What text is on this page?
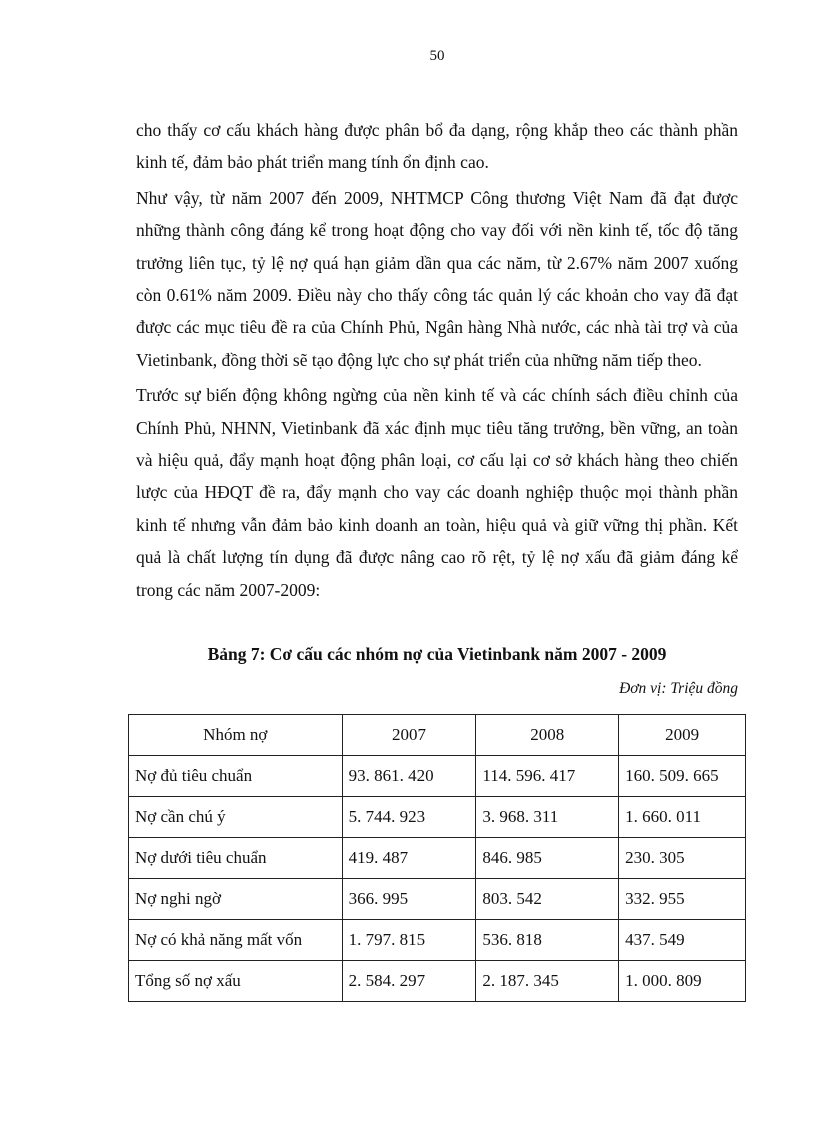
50

cho thấy cơ cấu khách hàng được phân bổ đa dạng, rộng khắp theo các thành phần kinh tế, đảm bảo phát triển mang tính ổn định cao.

Như vậy, từ năm 2007 đến 2009, NHTMCP Công thương Việt Nam đã đạt được những thành công đáng kể trong hoạt động cho vay đối với nền kinh tế, tốc độ tăng trưởng liên tục, tỷ lệ nợ quá hạn giảm dần qua các năm, từ 2.67% năm 2007 xuống còn 0.61% năm 2009. Điều này cho thấy công tác quản lý các khoản cho vay đã đạt được các mục tiêu đề ra của Chính Phủ, Ngân hàng Nhà nước, các nhà tài trợ và của Vietinbank, đồng thời sẽ tạo động lực cho sự phát triển của những năm tiếp theo.

Trước sự biến động không ngừng của nền kinh tế và các chính sách điều chỉnh của Chính Phủ, NHNN, Vietinbank đã xác định mục tiêu tăng trưởng, bền vững, an toàn và hiệu quả, đẩy mạnh hoạt động phân loại, cơ cấu lại cơ sở khách hàng theo chiến lược của HĐQT đề ra, đẩy mạnh cho vay các doanh nghiệp thuộc mọi thành phần kinh tế nhưng vẫn đảm bảo kinh doanh an toàn, hiệu quả và giữ vững thị phần. Kết quả là chất lượng tín dụng đã được nâng cao rõ rệt, tỷ lệ nợ xấu đã giảm đáng kể trong các năm 2007-2009:

Bảng 7: Cơ cấu các nhóm nợ của Vietinbank năm 2007 - 2009
Đơn vị: Triệu đồng
Nhóm nợ	2007	2008	2009
Nợ đủ tiêu chuẩn	93. 861. 420	114. 596. 417	160. 509. 665
Nợ cần chú ý	5. 744. 923	3. 968. 311	1. 660. 011
Nợ dưới tiêu chuẩn	419. 487	846. 985	230. 305
Nợ nghi ngờ	366. 995	803. 542	332. 955
Nợ có khả năng mất vốn	1. 797. 815	536. 818	437. 549
Tổng số nợ xấu	2. 584. 297	2. 187. 345	1. 000. 809
